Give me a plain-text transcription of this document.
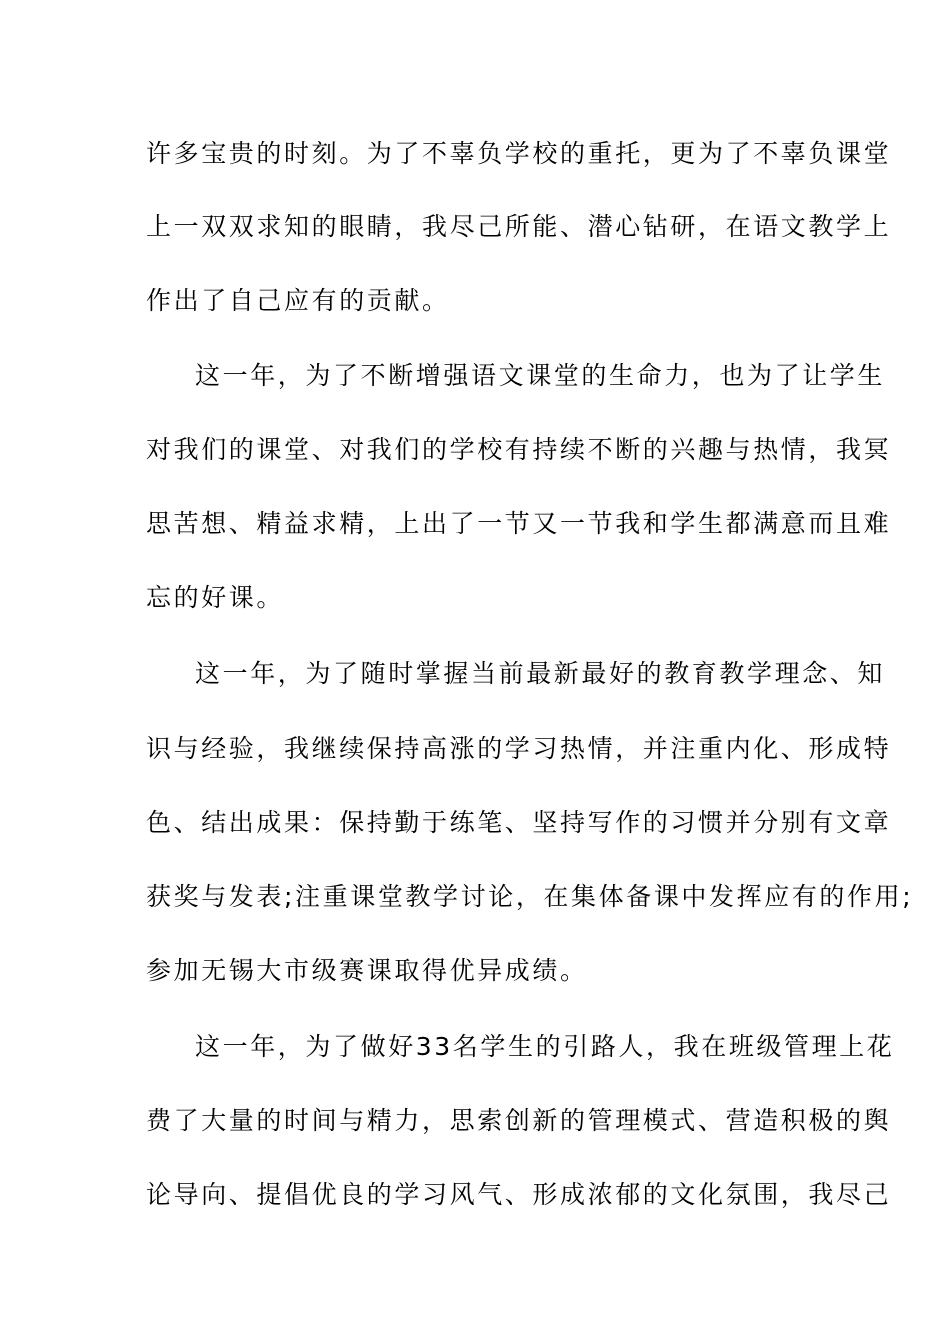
许多宝贵的时刻。为了不辜负学校的重托，更为了不辜负课堂
上一双双求知的眼睛，我尽己所能、潜心钻研，在语文教学上
作出了自己应有的贡献。
这一年，为了不断增强语文课堂的生命力，也为了让学生
对我们的课堂、对我们的学校有持续不断的兴趣与热情，我冥
思苦想、精益求精，上出了一节又一节我和学生都满意而且难
忘的好课。
这一年，为了随时掌握当前最新最好的教育教学理念、知
识与经验，我继续保持高涨的学习热情，并注重内化、形成特
色、结出成果：保持勤于练笔、坚持写作的习惯并分别有文章
获奖与发表;注重课堂教学讨论，在集体备课中发挥应有的作用;
参加无锡大市级赛课取得优异成绩。
这一年，为了做好33名学生的引路人，我在班级管理上花
费了大量的时间与精力，思索创新的管理模式、营造积极的舆
论导向、提倡优良的学习风气、形成浓郁的文化氛围，我尽己
